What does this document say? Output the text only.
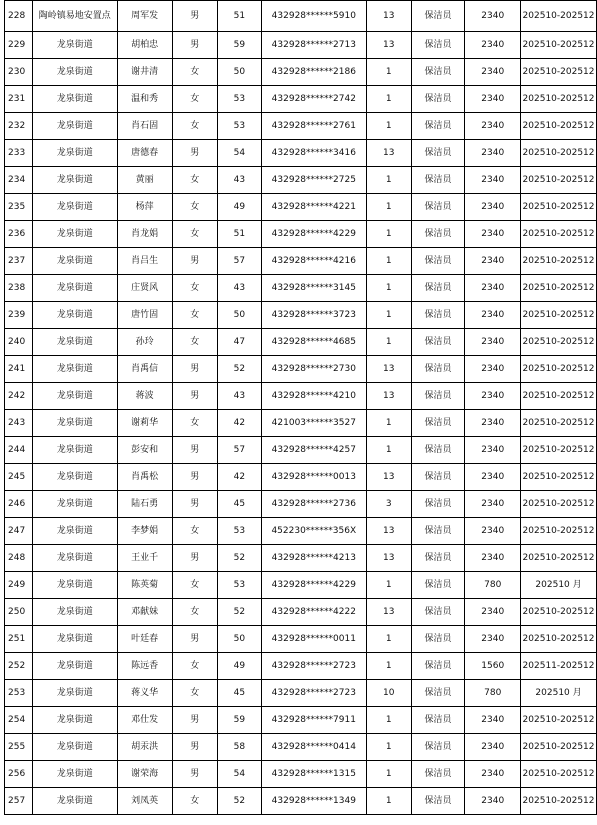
228	陶岭镇易地安置点	周军发	男	51	432928******5910	13	保洁员	2340	202510-202512
229	龙泉街道	胡柏忠	男	59	432928******2713	13	保洁员	2340	202510-202512
230	龙泉街道	谢井清	女	50	432928******2186	1	保洁员	2340	202510-202512
231	龙泉街道	温和秀	女	53	432928******2742	1	保洁员	2340	202510-202512
232	龙泉街道	肖石固	女	53	432928******2761	1	保洁员	2340	202510-202512
233	龙泉街道	唐德春	男	54	432928******3416	13	保洁员	2340	202510-202512
234	龙泉街道	黄丽	女	43	432928******2725	1	保洁员	2340	202510-202512
235	龙泉街道	杨萍	女	49	432928******4221	1	保洁员	2340	202510-202512
236	龙泉街道	肖龙娟	女	51	432928******4229	1	保洁员	2340	202510-202512
237	龙泉街道	肖吕生	男	57	432928******4216	1	保洁员	2340	202510-202512
238	龙泉街道	庄贤风	女	43	432928******3145	1	保洁员	2340	202510-202512
239	龙泉街道	唐竹固	女	50	432928******3723	1	保洁员	2340	202510-202512
240	龙泉街道	孙玲	女	47	432928******4685	1	保洁员	2340	202510-202512
241	龙泉街道	肖禹信	男	52	432928******2730	13	保洁员	2340	202510-202512
242	龙泉街道	蒋波	男	43	432928******4210	13	保洁员	2340	202510-202512
243	龙泉街道	谢莉华	女	42	421003******3527	1	保洁员	2340	202510-202512
244	龙泉街道	彭安和	男	57	432928******4257	1	保洁员	2340	202510-202512
245	龙泉街道	肖禹松	男	42	432928******0013	13	保洁员	2340	202510-202512
246	龙泉街道	陆石勇	男	45	432928******2736	3	保洁员	2340	202510-202512
247	龙泉街道	李梦娟	女	53	452230******356X	13	保洁员	2340	202510-202512
248	龙泉街道	王业千	男	52	432928******4213	13	保洁员	2340	202510-202512
249	龙泉街道	陈英菊	女	53	432928******4229	1	保洁员	780	202510 月
250	龙泉街道	邓献妹	女	52	432928******4222	13	保洁员	2340	202510-202512
251	龙泉街道	叶廷春	男	50	432928******0011	1	保洁员	2340	202510-202512
252	龙泉街道	陈远香	女	49	432928******2723	1	保洁员	1560	202511-202512
253	龙泉街道	蒋义华	女	45	432928******2723	10	保洁员	780	202510 月
254	龙泉街道	邓仕发	男	59	432928******7911	1	保洁员	2340	202510-202512
255	龙泉街道	胡汞洪	男	58	432928******0414	1	保洁员	2340	202510-202512
256	龙泉街道	谢荣海	男	54	432928******1315	1	保洁员	2340	202510-202512
257	龙泉街道	刘凤英	女	52	432928******1349	1	保洁员	2340	202510-202512
